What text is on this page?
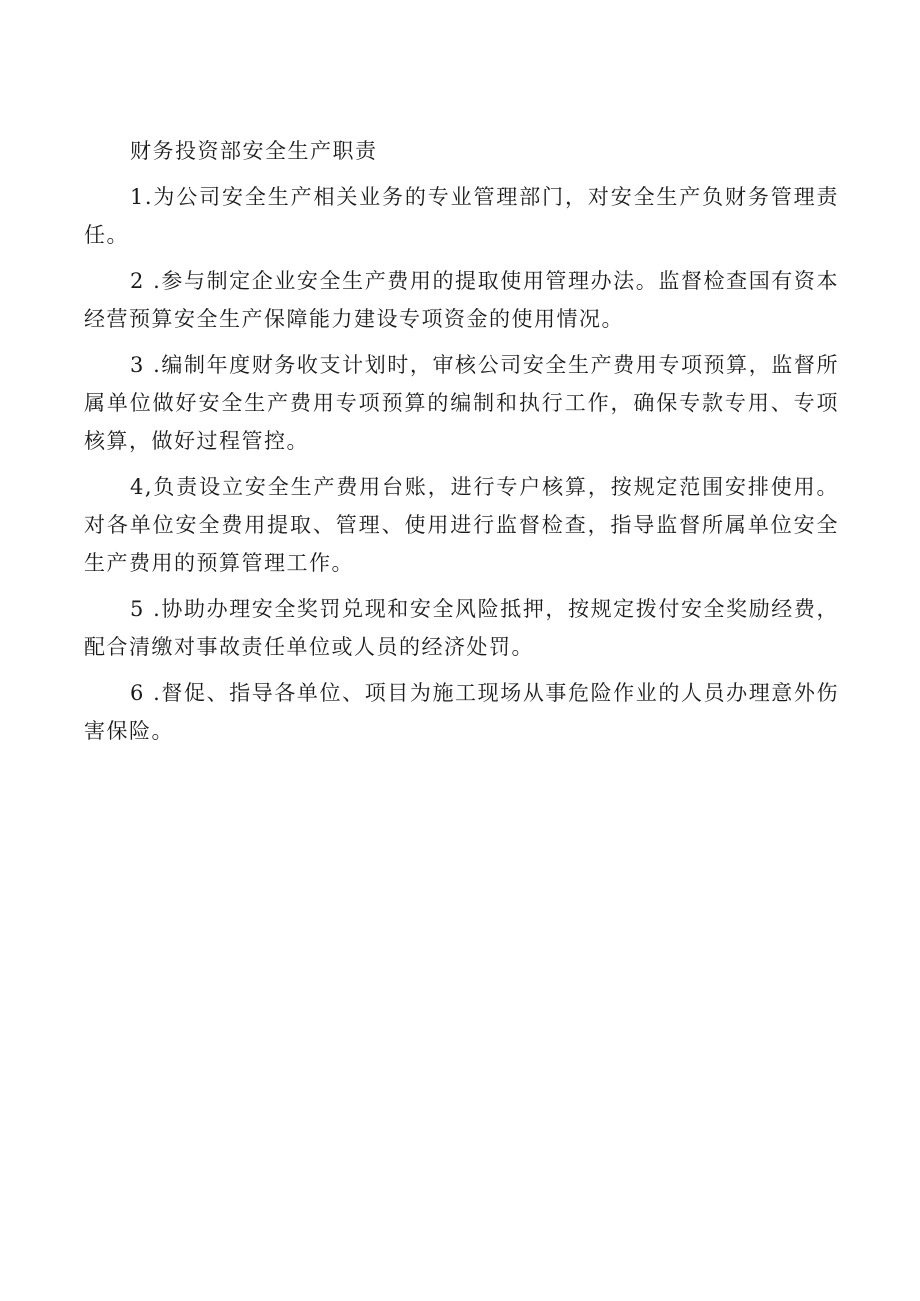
财务投资部安全生产职责

1.为公司安全生产相关业务的专业管理部门，对安全生产负财务管理责任。

2 .参与制定企业安全生产费用的提取使用管理办法。监督检查国有资本经营预算安全生产保障能力建设专项资金的使用情况。

3 .编制年度财务收支计划时，审核公司安全生产费用专项预算，监督所属单位做好安全生产费用专项预算的编制和执行工作，确保专款专用、专项核算，做好过程管控。

4,负责设立安全生产费用台账，进行专户核算，按规定范围安排使用。对各单位安全费用提取、管理、使用进行监督检查，指导监督所属单位安全生产费用的预算管理工作。

5 .协助办理安全奖罚兑现和安全风险抵押，按规定拨付安全奖励经费，配合清缴对事故责任单位或人员的经济处罚。

6 .督促、指导各单位、项目为施工现场从事危险作业的人员办理意外伤害保险。
